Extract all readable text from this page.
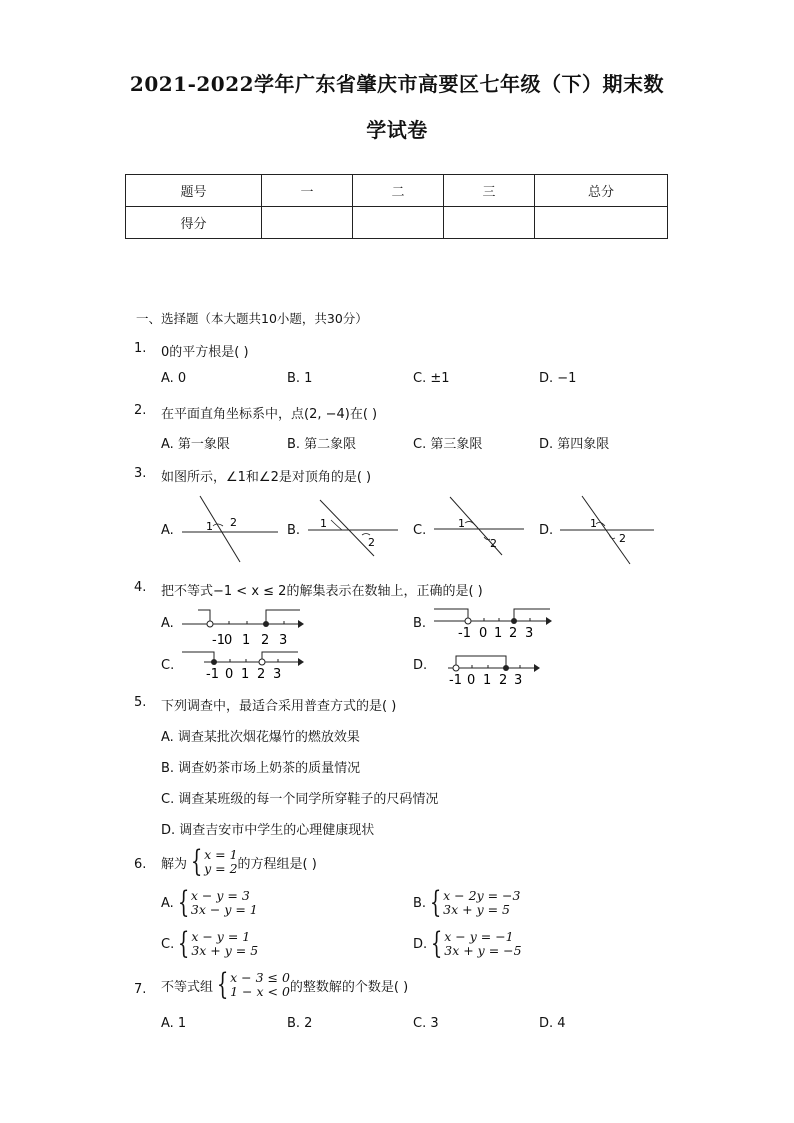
2021-2022学年广东省肇庆市高要区七年级（下）期末数
学试卷
题号	一	二	三	总分
得分				
一、选择题（本大题共10小题，共30分）
1. 0的平方根是( )
A. 0	B. 1	C. ±1	D. −1
2. 在平面直角坐标系中，点(2, −4)在( )
A. 第一象限	B. 第二象限	C. 第三象限	D. 第四象限
3. 如图所示，∠1和∠2是对顶角的是( )
A.	B.	C.	D.
1 2	1
2
1
2
1
2
4. 把不等式−1 < x ≤ 2的解集表示在数轴上，正确的是( )
A.	B.
C.	D.
-1 0 1 2 3	-1 0 1 2 3
-1 0 1 2 3	-1 0 1 2 3
5. 下列调查中，最适合采用普查方式的是( )
A. 调查某批次烟花爆竹的燃放效果
B. 调查奶茶市场上奶茶的质量情况
C. 调查某班级的每一个同学所穿鞋子的尺码情况
D. 调查吉安市中学生的心理健康现状
6. 解为 { x = 1
y = 2 的方程组是( )
A. { x − y = 3
3x − y = 1	B. { x − 2y = −3
3x + y = 5
C. { x − y = 1
3x + y = 5	D. { x − y = −1
3x + y = −5
7. 不等式组 { x − 3 ≤ 0
1 − x < 0 的整数解的个数是( )
A. 1	B. 2	C. 3	D. 4
